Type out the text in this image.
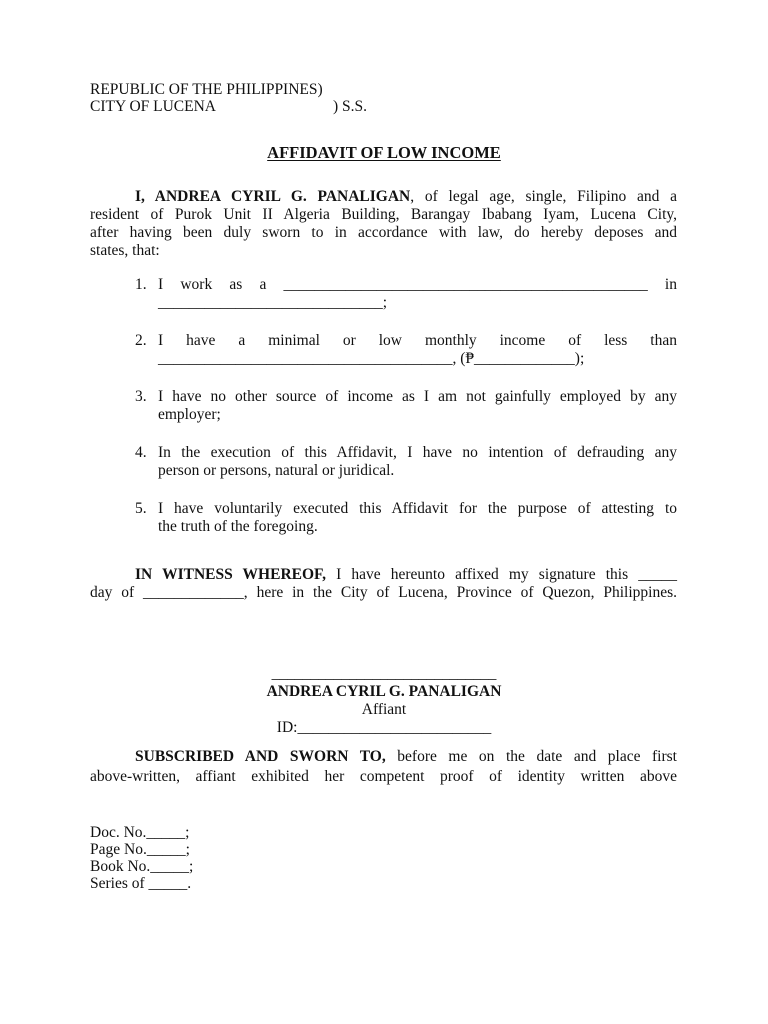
REPUBLIC OF THE PHILIPPINES)
CITY OF LUCENA	) S.S.
AFFIDAVIT OF LOW INCOME
I, ANDREA CYRIL G. PANALIGAN, of legal age, single, Filipino and a
resident of Purok Unit II Algeria Building, Barangay Ibabang Iyam, Lucena City,
after having been duly sworn to in accordance with law, do hereby deposes and
states, that:
1. I work as a _______________________________________________ in
_____________________________;
2. I have a minimal or low monthly income of less than
______________________________________, (₱_____________);
3. I have no other source of income as I am not gainfully employed by any
employer;
4. In the execution of this Affidavit, I have no intention of defrauding any
person or persons, natural or juridical.
5. I have voluntarily executed this Affidavit for the purpose of attesting to
the truth of the foregoing.
IN WITNESS WHEREOF, I have hereunto affixed my signature this _____
day of _____________, here in the City of Lucena, Province of Quezon, Philippines.
_____________________________
ANDREA CYRIL G. PANALIGAN
Affiant
ID:_________________________
SUBSCRIBED AND SWORN TO, before me on the date and place first
above-written, affiant exhibited her competent proof of identity written above
Doc. No._____;
Page No._____;
Book No._____;
Series of _____.
